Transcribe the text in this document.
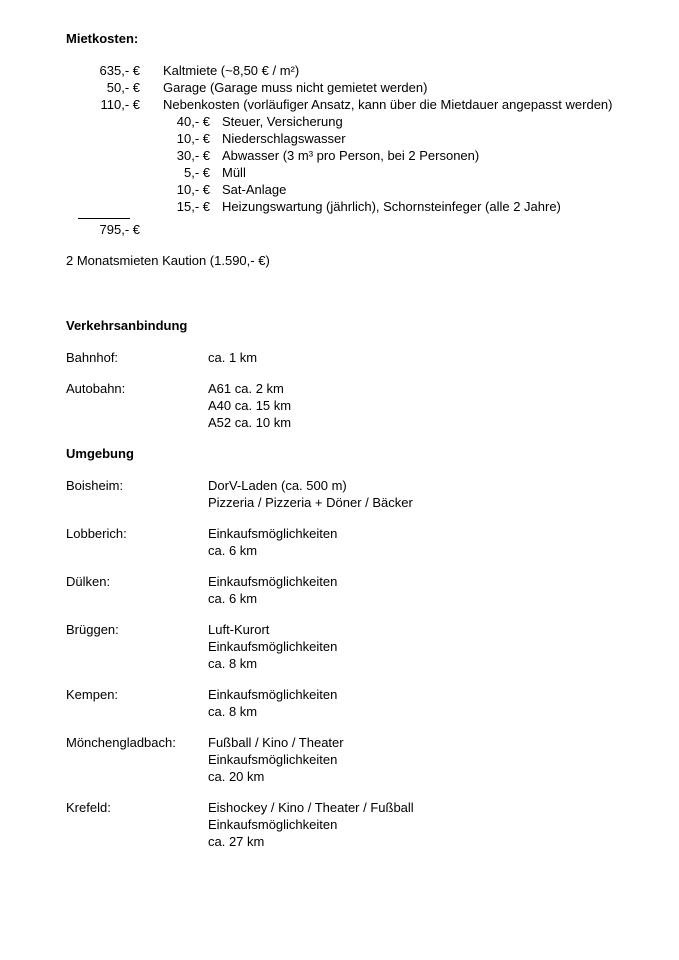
Mietkosten:
635,- € Kaltmiete (~8,50 € / m²)
50,- € Garage (Garage muss nicht gemietet werden)
110,- € Nebenkosten (vorläufiger Ansatz, kann über die Mietdauer angepasst werden)
40,- € Steuer, Versicherung
10,- € Niederschlagswasser
30,- € Abwasser (3 m³ pro Person, bei 2 Personen)
5,- € Müll
10,- € Sat-Anlage
15,- € Heizungswartung (jährlich), Schornsteinfeger (alle 2 Jahre)
795,- €
2 Monatsmieten Kaution (1.590,- €)
Verkehrsanbindung
Bahnhof:	ca. 1 km
Autobahn:	A61 ca. 2 km
A40 ca. 15 km
A52 ca. 10 km
Umgebung
Boisheim:	DorV-Laden (ca. 500 m)
Pizzeria / Pizzeria + Döner / Bäcker
Lobberich:	Einkaufsmöglichkeiten
ca. 6 km
Dülken:	Einkaufsmöglichkeiten
ca. 6 km
Brüggen:	Luft-Kurort
Einkaufsmöglichkeiten
ca. 8 km
Kempen:	Einkaufsmöglichkeiten
ca. 8 km
Mönchengladbach:	Fußball / Kino / Theater
Einkaufsmöglichkeiten
ca. 20 km
Krefeld:	Eishockey / Kino / Theater / Fußball
Einkaufsmöglichkeiten
ca. 27 km
